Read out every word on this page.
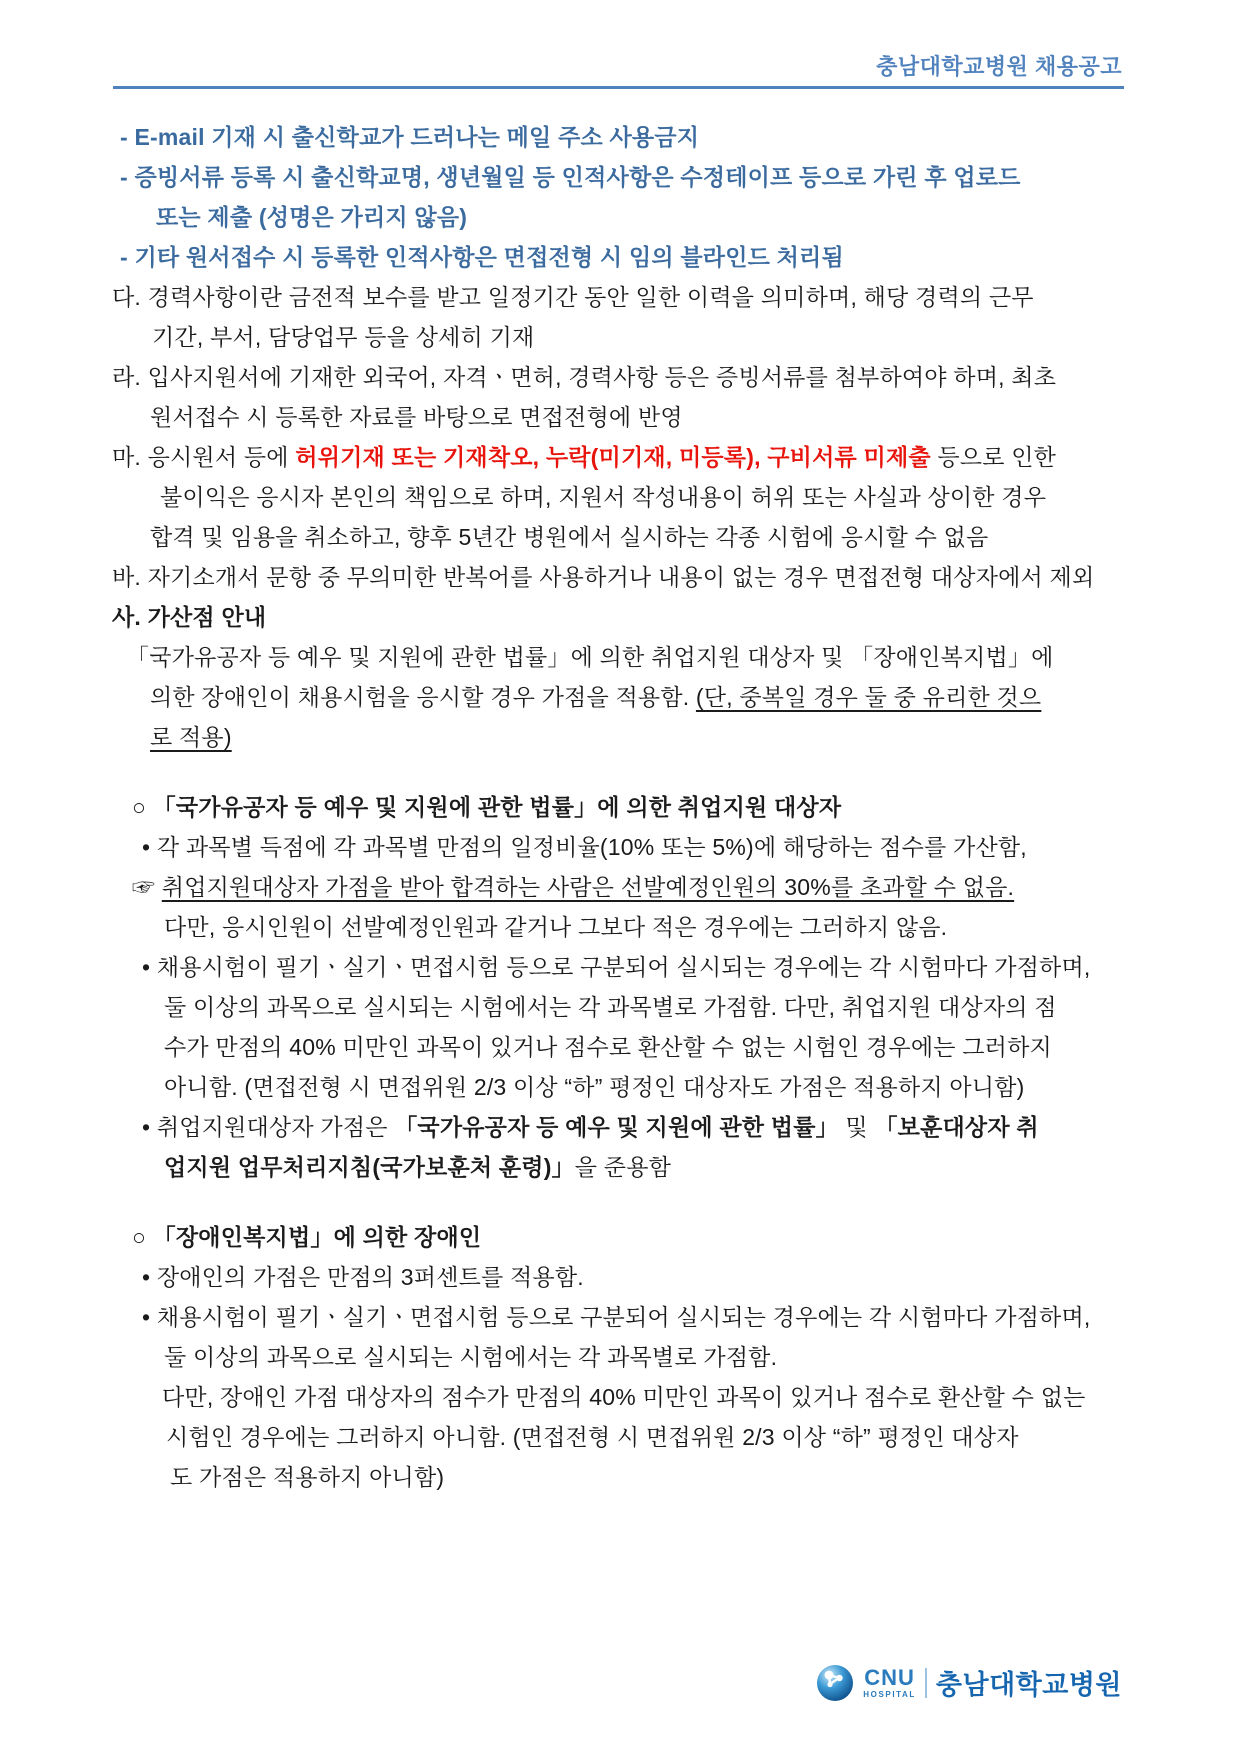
충남대학교병원 채용공고
- E-mail 기재 시 출신학교가 드러나는 메일 주소 사용금지
- 증빙서류 등록 시 출신학교명, 생년월일 등 인적사항은 수정테이프 등으로 가린 후 업로드
또는 제출 (성명은 가리지 않음)
- 기타 원서접수 시 등록한 인적사항은 면접전형 시 임의 블라인드 처리됨
다. 경력사항이란 금전적 보수를 받고 일정기간 동안 일한 이력을 의미하며, 해당 경력의 근무
기간, 부서, 담당업무 등을 상세히 기재
라. 입사지원서에 기재한 외국어, 자격ㆍ면허, 경력사항 등은 증빙서류를 첨부하여야 하며, 최초
원서접수 시 등록한 자료를 바탕으로 면접전형에 반영
마. 응시원서 등에 허위기재 또는 기재착오, 누락(미기재, 미등록), 구비서류 미제출 등으로 인한
불이익은 응시자 본인의 책임으로 하며, 지원서 작성내용이 허위 또는 사실과 상이한 경우
합격 및 임용을 취소하고, 향후 5년간 병원에서 실시하는 각종 시험에 응시할 수 없음
바. 자기소개서 문항 중 무의미한 반복어를 사용하거나 내용이 없는 경우 면접전형 대상자에서 제외
사. 가산점 안내
「국가유공자 등 예우 및 지원에 관한 법률」에 의한 취업지원 대상자 및 「장애인복지법」에
의한 장애인이 채용시험을 응시할 경우 가점을 적용함. (단, 중복일 경우 둘 중 유리한 것으
로 적용)
○ 「국가유공자 등 예우 및 지원에 관한 법률」에 의한 취업지원 대상자
• 각 과목별 득점에 각 과목별 만점의 일정비율(10% 또는 5%)에 해당하는 점수를 가산함,
☞ 취업지원대상자 가점을 받아 합격하는 사람은 선발예정인원의 30%를 초과할 수 없음.
다만, 응시인원이 선발예정인원과 같거나 그보다 적은 경우에는 그러하지 않음.
• 채용시험이 필기ㆍ실기ㆍ면접시험 등으로 구분되어 실시되는 경우에는 각 시험마다 가점하며,
둘 이상의 과목으로 실시되는 시험에서는 각 과목별로 가점함. 다만, 취업지원 대상자의 점
수가 만점의 40% 미만인 과목이 있거나 점수로 환산할 수 없는 시험인 경우에는 그러하지
아니함. (면접전형 시 면접위원 2/3 이상 “하” 평정인 대상자도 가점은 적용하지 아니함)
• 취업지원대상자 가점은 「국가유공자 등 예우 및 지원에 관한 법률」 및 「보훈대상자 취
업지원 업무처리지침(국가보훈처 훈령)」을 준용함
○ 「장애인복지법」에 의한 장애인
• 장애인의 가점은 만점의 3퍼센트를 적용함.
• 채용시험이 필기ㆍ실기ㆍ면접시험 등으로 구분되어 실시되는 경우에는 각 시험마다 가점하며,
둘 이상의 과목으로 실시되는 시험에서는 각 과목별로 가점함.
다만, 장애인 가점 대상자의 점수가 만점의 40% 미만인 과목이 있거나 점수로 환산할 수 없는
시험인 경우에는 그러하지 아니함. (면접전형 시 면접위원 2/3 이상 “하” 평정인 대상자
도 가점은 적용하지 아니함)
CNU
HOSPITAL 충남대학교병원
